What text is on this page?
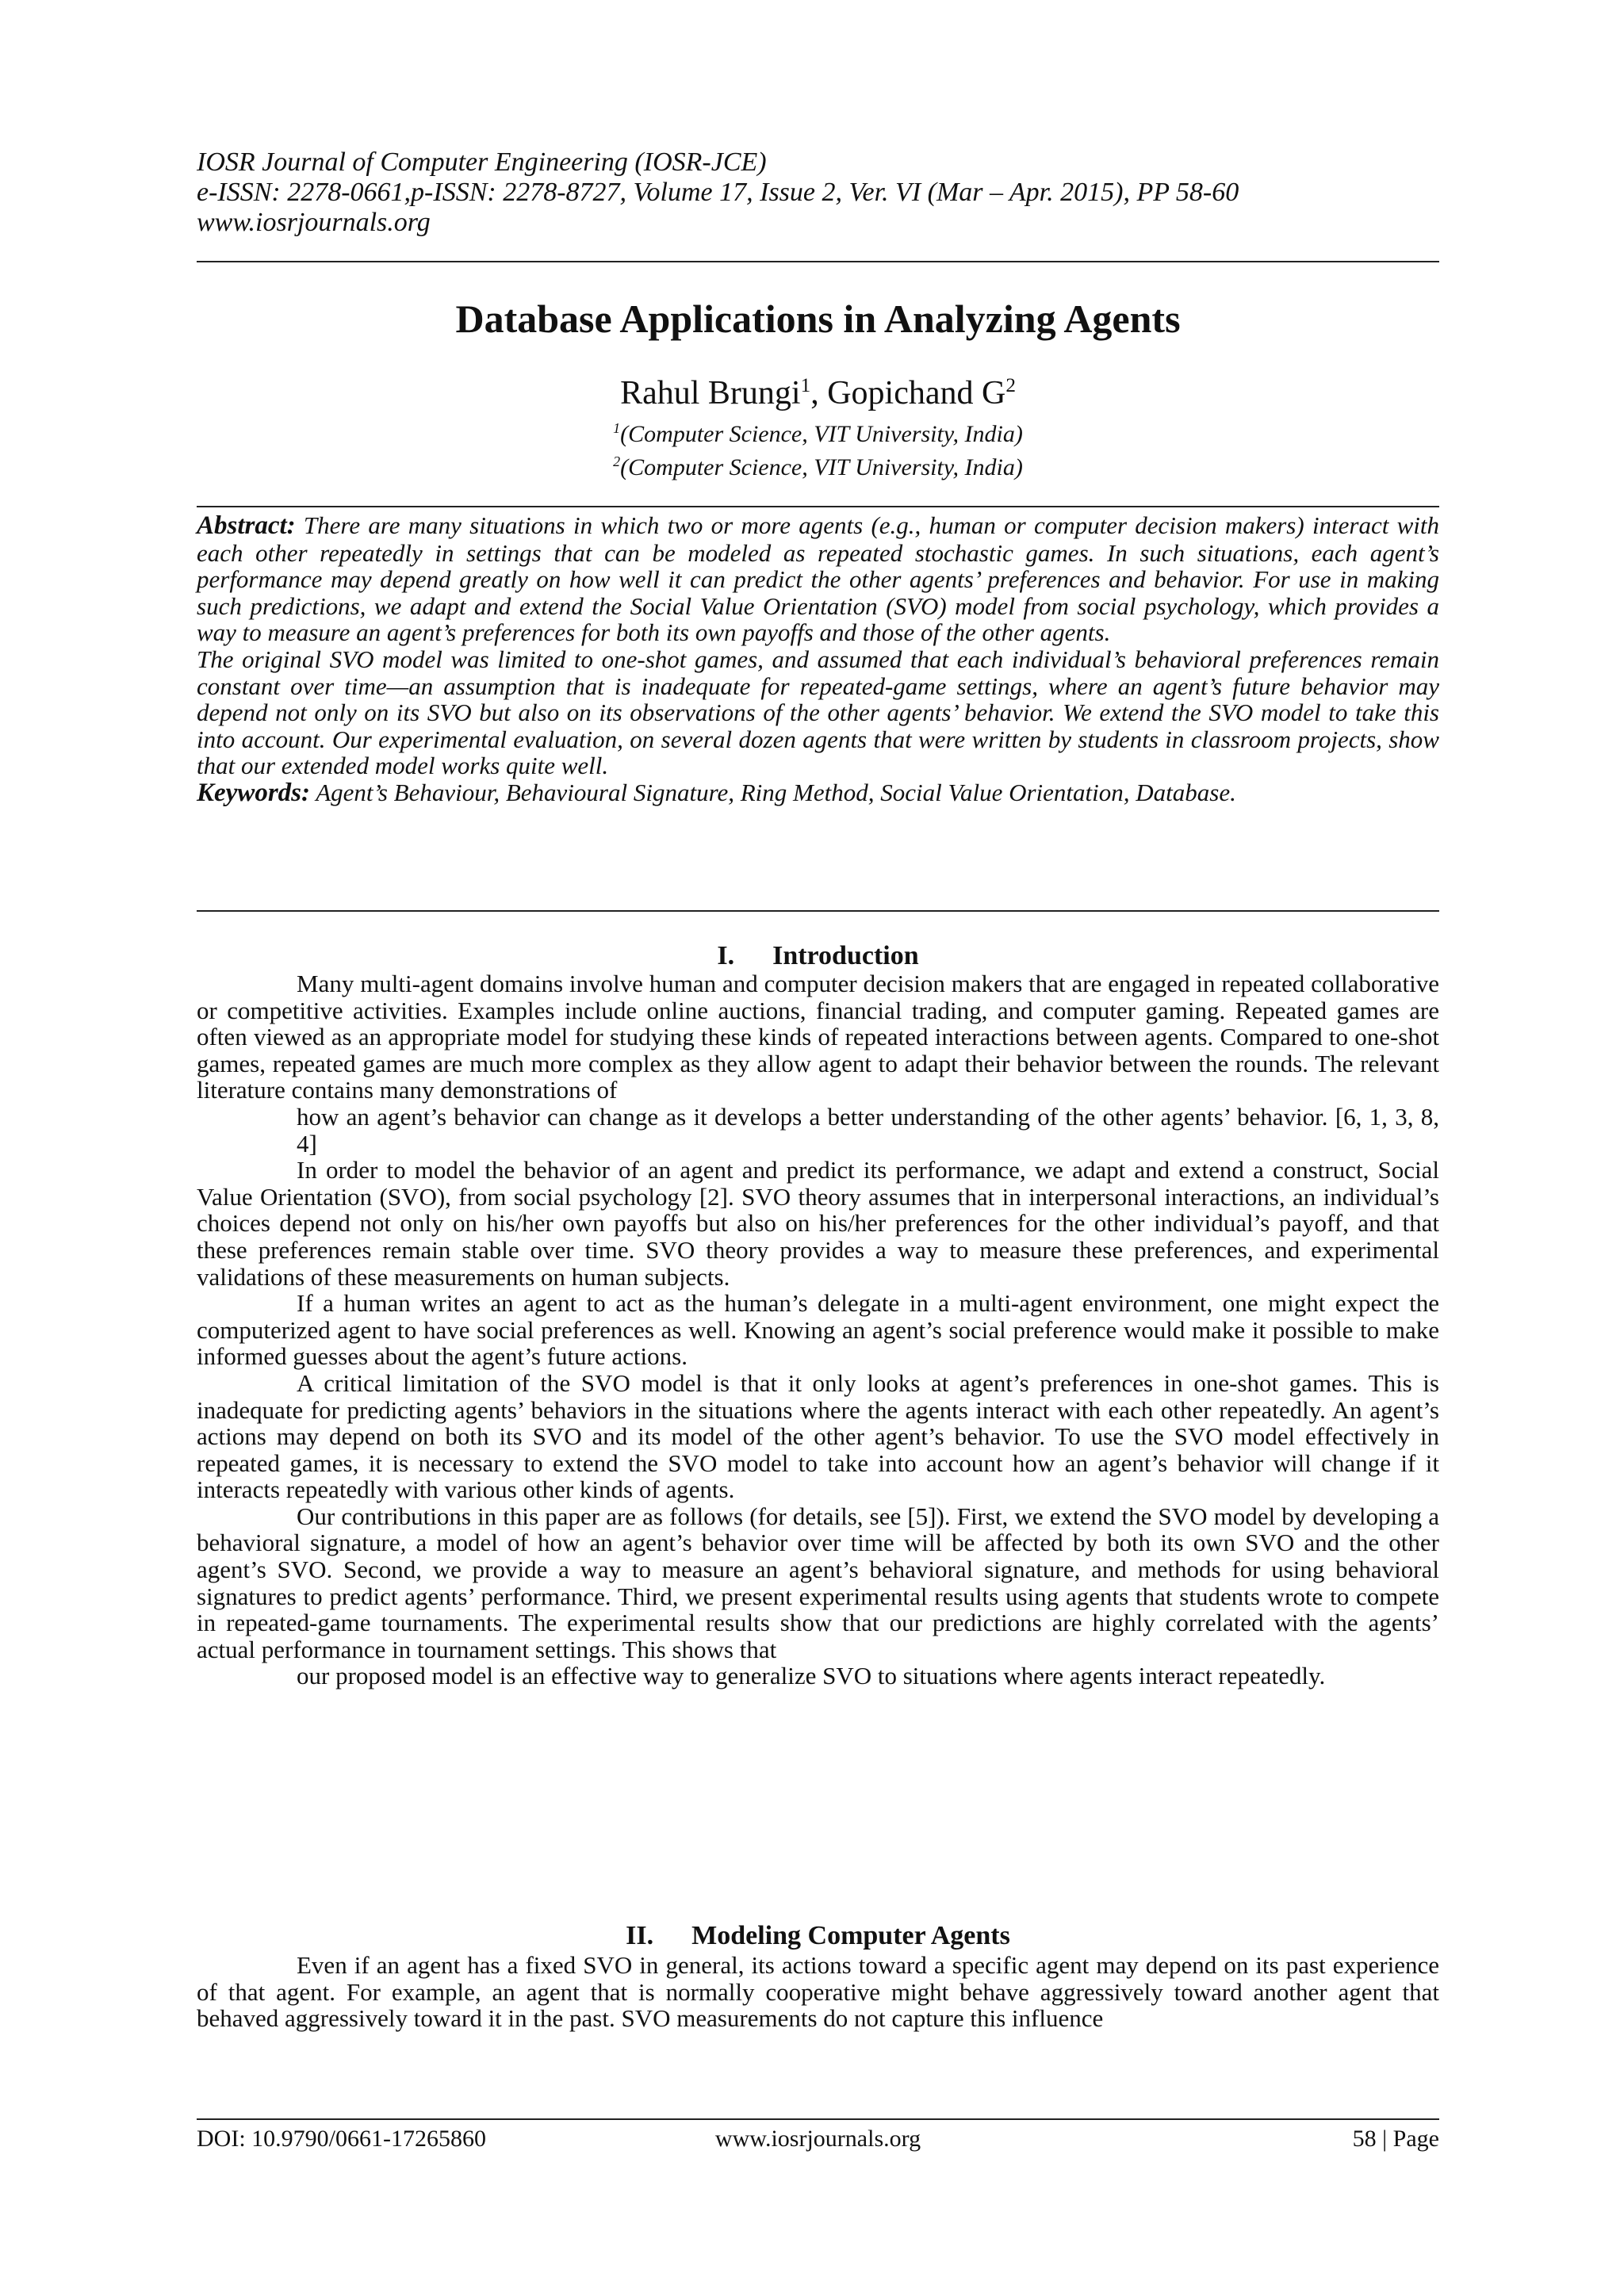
IOSR Journal of Computer Engineering (IOSR-JCE)
e-ISSN: 2278-0661,p-ISSN: 2278-8727, Volume 17, Issue 2, Ver. VI (Mar – Apr. 2015), PP 58-60
www.iosrjournals.org
Database Applications in Analyzing Agents
Rahul Brungi$^1$, Gopichand $G^2$
$^1$(Computer Science, VIT University, India)
$^2$(Computer Science, VIT University, India)

Abstract: There are many situations in which two or more agents (e.g., human or computer decision makers) interact with each other repeatedly in settings that can be modeled as repeated stochastic games. In such situations, each agent’s performance may depend greatly on how well it can predict the other agents’ preferences and behavior. For use in making such predictions, we adapt and extend the Social Value Orientation (SVO) model from social psychology, which provides a way to measure an agent’s preferences for both its own payoffs and those of the other agents.

The original SVO model was limited to one-shot games, and assumed that each individual’s behavioral preferences remain constant over time—an assumption that is inadequate for repeated-game settings, where an agent’s future behavior may depend not only on its SVO but also on its observations of the other agents’ behavior. We extend the SVO model to take this into account. Our experimental evaluation, on several dozen agents that were written by students in classroom projects, show that our extended model works quite well.

Keywords: Agent’s Behaviour, Behavioural Signature, Ring Method, Social Value Orientation, Database.

I. Introduction

Many multi-agent domains involve human and computer decision makers that are engaged in repeated collaborative or competitive activities. Examples include online auctions, financial trading, and computer gaming. Repeated games are often viewed as an appropriate model for studying these kinds of repeated interactions between agents. Compared to one-shot games, repeated games are much more complex as they allow agent to adapt their behavior between the rounds. The relevant literature contains many demonstrations of

how an agent’s behavior can change as it develops a better understanding of the other agents’ behavior. [6, 1, 3, 8, 4]

In order to model the behavior of an agent and predict its performance, we adapt and extend a construct, Social Value Orientation (SVO), from social psychology [2]. SVO theory assumes that in interpersonal interactions, an individual’s choices depend not only on his/her own payoffs but also on his/her preferences for the other individual’s payoff, and that these preferences remain stable over time. SVO theory provides a way to measure these preferences, and experimental validations of these measurements on human subjects.

If a human writes an agent to act as the human’s delegate in a multi-agent environment, one might expect the computerized agent to have social preferences as well. Knowing an agent’s social preference would make it possible to make informed guesses about the agent’s future actions.

A critical limitation of the SVO model is that it only looks at agent’s preferences in one-shot games. This is inadequate for predicting agents’ behaviors in the situations where the agents interact with each other repeatedly. An agent’s actions may depend on both its SVO and its model of the other agent’s behavior. To use the SVO model effectively in repeated games, it is necessary to extend the SVO model to take into account how an agent’s behavior will change if it interacts repeatedly with various other kinds of agents.

Our contributions in this paper are as follows (for details, see [5]). First, we extend the SVO model by developing a behavioral signature, a model of how an agent’s behavior over time will be affected by both its own SVO and the other agent’s SVO. Second, we provide a way to measure an agent’s behavioral signature, and methods for using behavioral signatures to predict agents’ performance. Third, we present experimental results using agents that students wrote to compete in repeated-game tournaments. The experimental results show that our predictions are highly correlated with the agents’ actual performance in tournament settings. This shows that

our proposed model is an effective way to generalize SVO to situations where agents interact repeatedly.

II. Modeling Computer Agents

Even if an agent has a fixed SVO in general, its actions toward a specific agent may depend on its past experience of that agent. For example, an agent that is normally cooperative might behave aggressively toward another agent that behaved aggressively toward it in the past. SVO measurements do not capture this influence

DOI: 10.9790/0661-17265860	www.iosrjournals.org	58 | Page
